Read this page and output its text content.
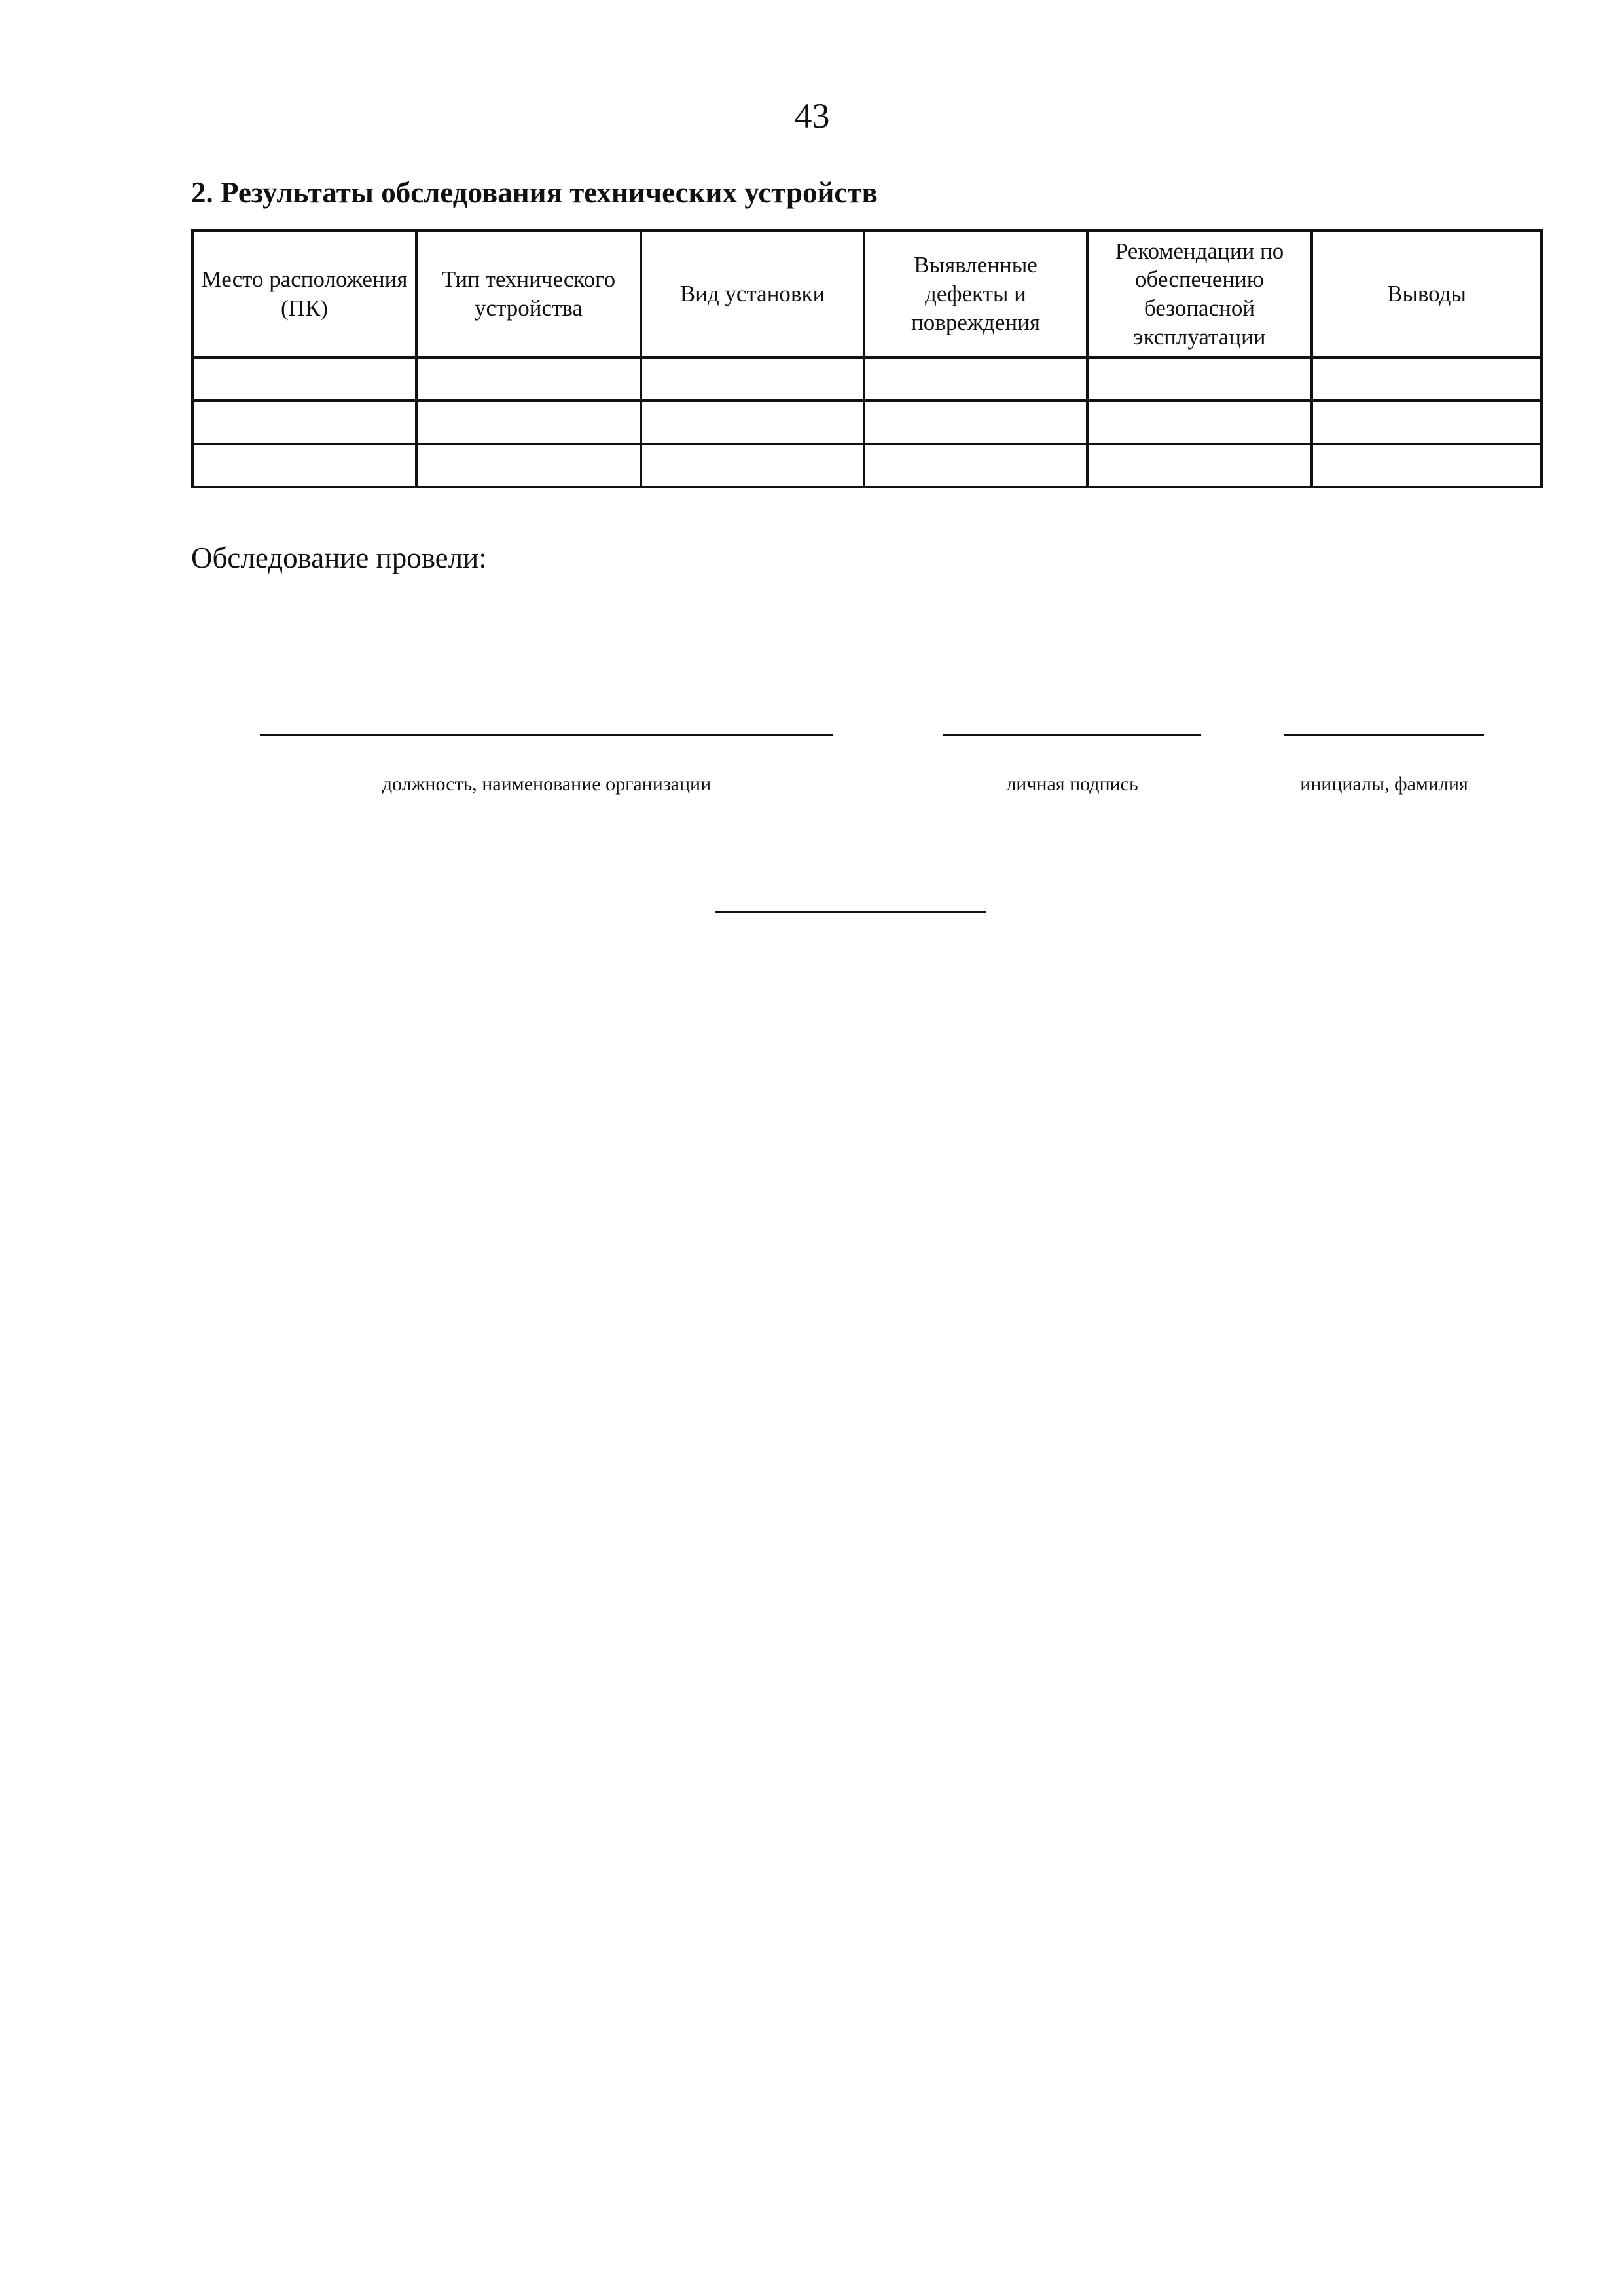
43
2. Результаты обследования технических устройств
Место расположения (ПК)	Тип технического устройства	Вид установки	Выявленные дефекты и повреждения	Рекомендации по обеспечению безопасной эксплуатации	Выводы

Обследование провели:
должность, наименование организации	личная подпись	инициалы, фамилия
